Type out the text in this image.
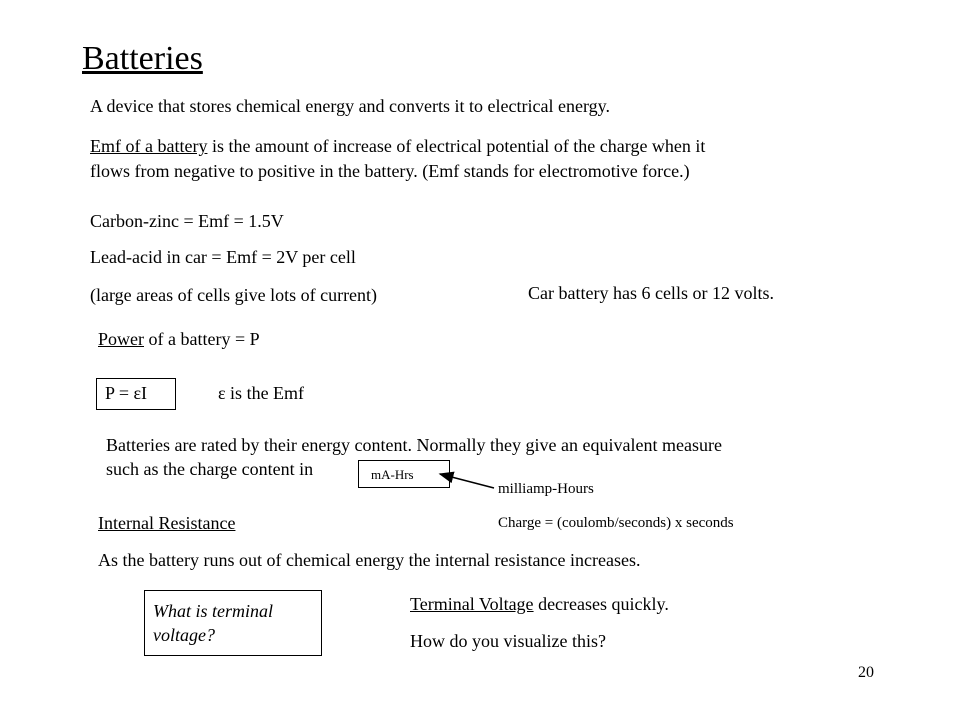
Batteries
A device that stores chemical energy and converts it to electrical energy.
Emf of a battery is the amount of increase of electrical potential of the charge when it
flows from negative to positive in the battery. (Emf stands for electromotive force.)
Carbon-zinc = Emf = 1.5V
Lead-acid in car = Emf = 2V per cell
(large areas of cells give lots of current)	Car battery has 6 cells or 12 volts.
Power of a battery = P
P = εI	ε is the Emf
Batteries are rated by their energy content. Normally they give an equivalent measure
such as the charge content in	mA-Hrs
milliamp-Hours
Internal Resistance	Charge = (coulomb/seconds) x seconds
As the battery runs out of chemical energy the internal resistance increases.
What is terminal
voltage?
Terminal Voltage decreases quickly.
How do you visualize this?
20
